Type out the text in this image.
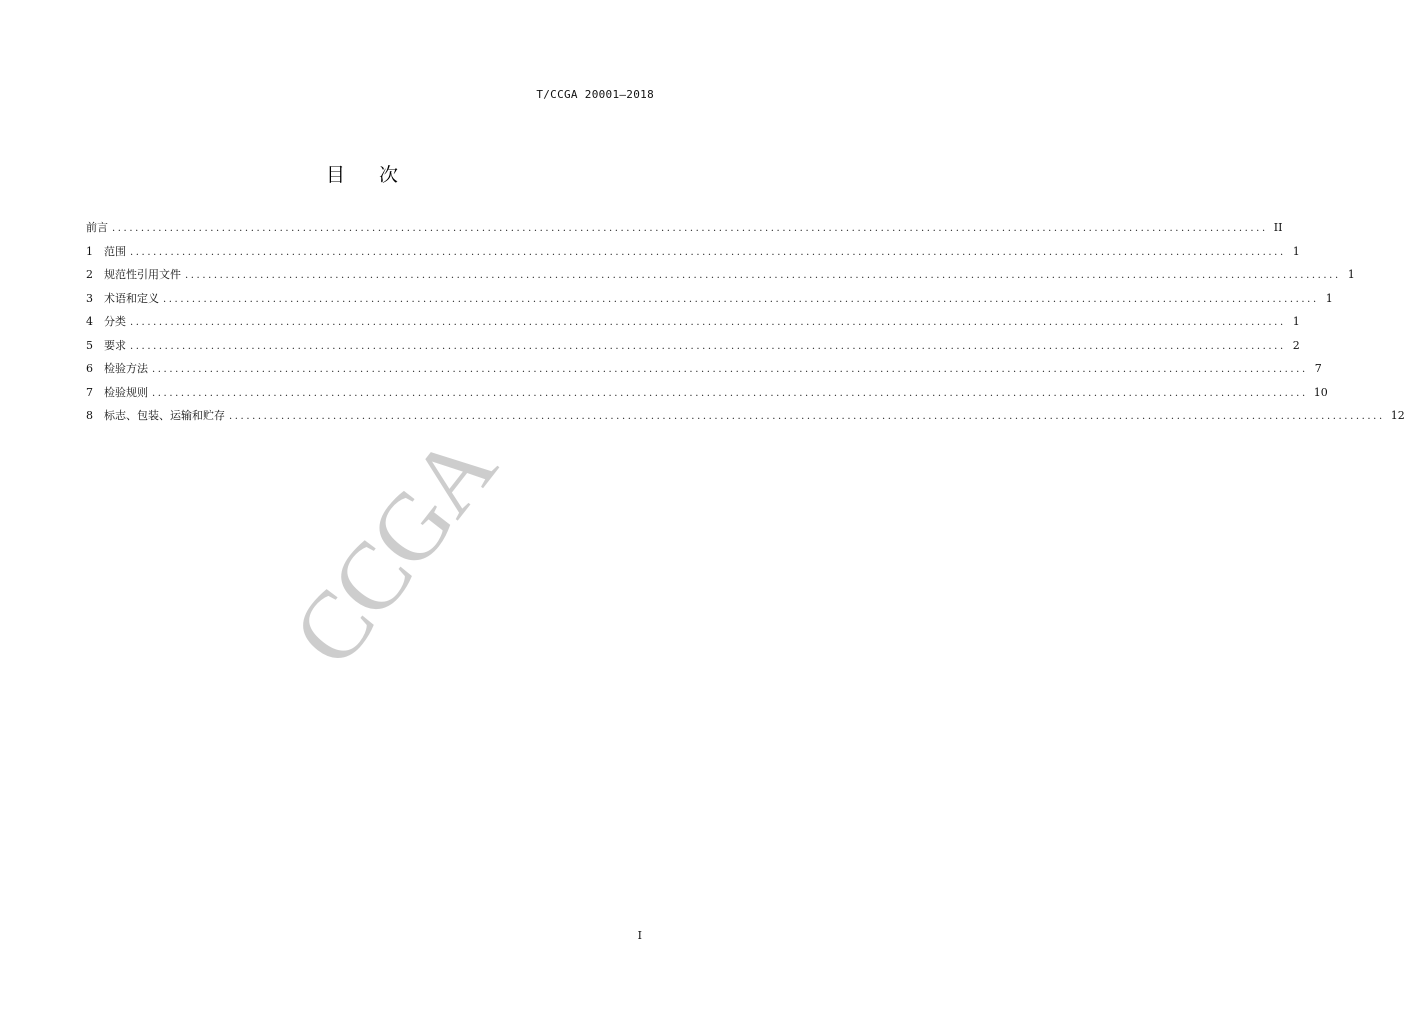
T/CCGA 20001—2018
目 次
前言 ........................................................................................................................................................................................................ II
1	范围 ........................................................................................................................................................................................................ 1
2	规范性引用文件 ........................................................................................................................................................................................................ 1
3	术语和定义 ........................................................................................................................................................................................................ 1
4	分类 ........................................................................................................................................................................................................ 1
5	要求 ........................................................................................................................................................................................................ 2
6	检验方法 ........................................................................................................................................................................................................ 7
7	检验规则 ........................................................................................................................................................................................................ 10
8	标志、包装、运输和贮存 ........................................................................................................................................................................................................ 12
CCGA
I
